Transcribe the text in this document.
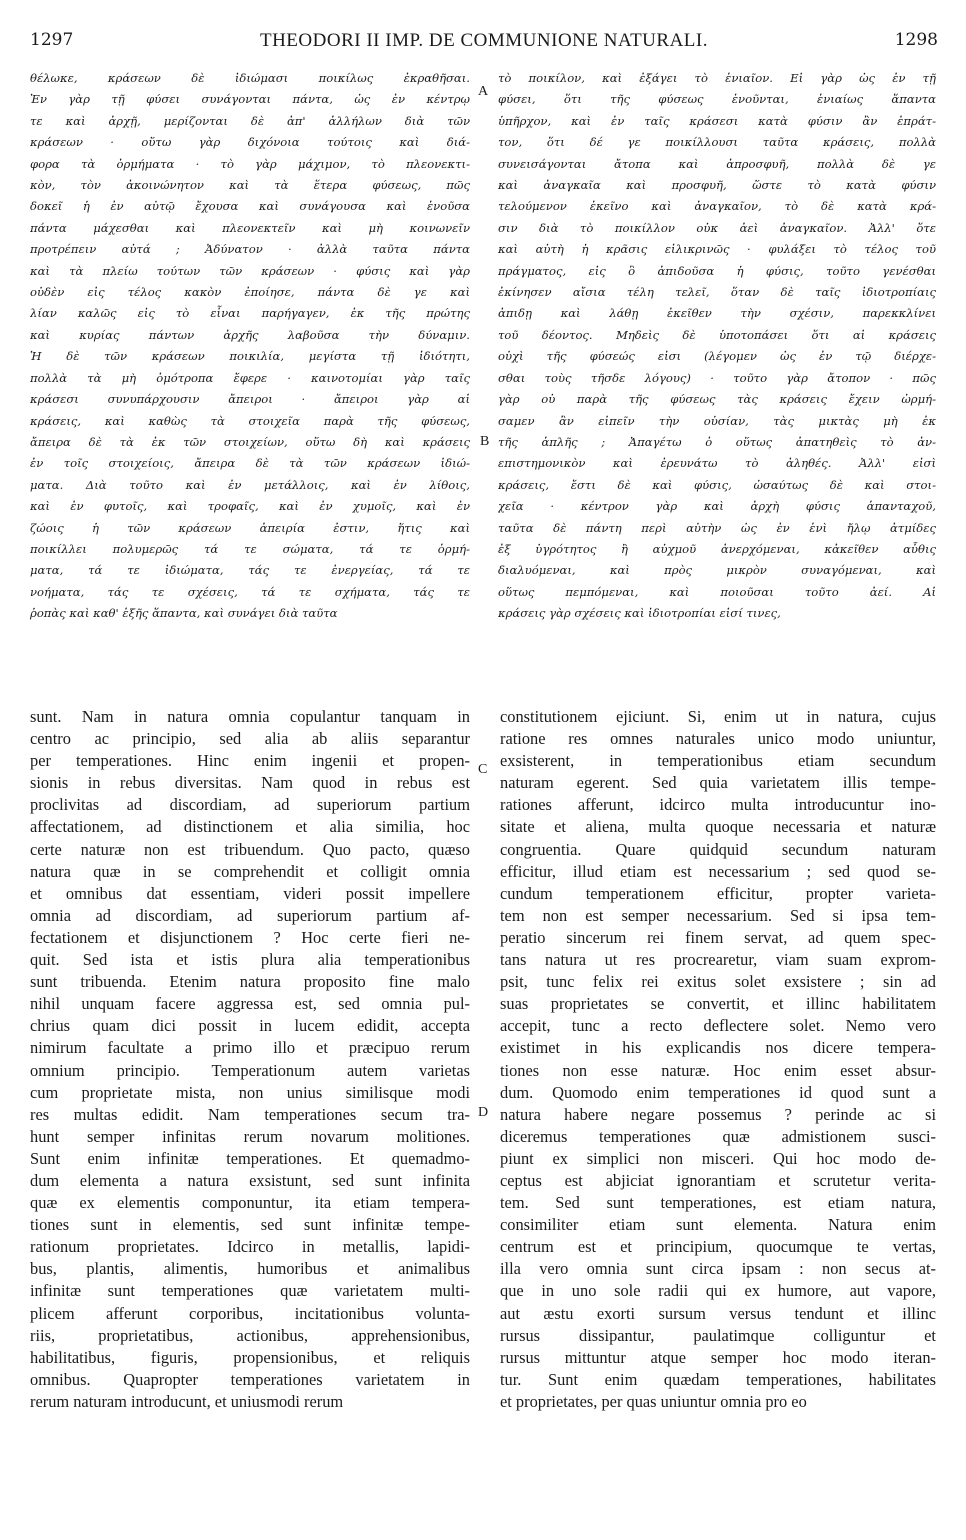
1297	THEODORI II IMP. DE COMMUNIONE NATURALI.	1298
θέλωκε, κράσεων δὲ ἰδιώμασι ποικίλως ἐκραθῆσαι.
Ἐν γὰρ τῇ φύσει συνάγονται πάντα, ὡς ἐν κέντρῳ
τε καὶ ἀρχῇ, μερίζονται δὲ ἀπ' ἀλλήλων διὰ τῶν
κράσεων · οὕτω γὰρ διχόνοια τούτοις καὶ διά-
φορα τὰ ὁρμήματα · τὸ γὰρ μάχιμον, τὸ πλεονεκτι-
κὸν, τὸν ἀκοινώνητον καὶ τὰ ἕτερα φύσεως, πῶς
δοκεῖ ἡ ἐν αὐτῷ ἔχουσα καὶ συνάγουσα καὶ ἑνοῦσα
πάντα μάχεσθαι καὶ πλεονεκτεῖν καὶ μὴ κοινωνεῖν
προτρέπειν αὐτά ; Ἀδύνατον · ἀλλὰ ταῦτα πάντα
καὶ τὰ πλείω τούτων τῶν κράσεων · φύσις καὶ γὰρ
οὐδὲν εἰς τέλος κακὸν ἐποίησε, πάντα δὲ γε καὶ
λίαν καλῶς εἰς τὸ εἶναι παρήγαγεν, ἐκ τῆς πρώτης
καὶ κυρίας πάντων ἀρχῆς λαβοῦσα τὴν δύναμιν.
Ἡ δὲ τῶν κράσεων ποικιλία, μεγίστα τῇ ἰδιότητι,
πολλὰ τὰ μὴ ὁμότροπα ἔφερε · καινοτομίαι γὰρ ταῖς
κράσεσι συνυπάρχουσιν ἄπειροι · ἄπειροι γὰρ αἱ
κράσεις, καὶ καθὼς τὰ στοιχεῖα παρὰ τῆς φύσεως,
ἄπειρα δὲ τὰ ἐκ τῶν στοιχείων, οὕτω δὴ καὶ κράσεις
ἐν τοῖς στοιχείοις, ἄπειρα δὲ τὰ τῶν κράσεων ἰδιώ-
ματα. Διὰ τοῦτο καὶ ἐν μετάλλοις, καὶ ἐν λίθοις,
καὶ ἐν φυτοῖς, καὶ τροφαῖς, καὶ ἐν χυμοῖς, καὶ ἐν
ζώοις ἡ τῶν κράσεων ἀπειρία ἐστιν, ἥτις καὶ
ποικίλλει πολυμερῶς τά τε σώματα, τά τε ὁρμή-
ματα, τά τε ἰδιώματα, τάς τε ἐνεργείας, τά τε
νοήματα, τάς τε σχέσεις, τά τε σχήματα, τάς τε
ῥοπὰς καὶ καθ' ἑξῆς ἅπαντα, καὶ συνάγει διὰ ταῦτα
τὸ ποικίλον, καὶ ἐξάγει τὸ ἑνιαῖον. Εἰ γὰρ ὡς ἐν τῇ
φύσει, ὅτι τῆς φύσεως ἑνοῦνται, ἑνιαίως ἅπαντα
ὑπῆρχον, καὶ ἐν ταῖς κράσεσι κατὰ φύσιν ἂν ἐπράτ-
τον, ὅτι δέ γε ποικίλλουσι ταῦτα κράσεις, πολλὰ
συνεισάγονται ἄτοπα καὶ ἀπροσφυῆ, πολλὰ δὲ γε
καὶ ἀναγκαῖα καὶ προσφυῆ, ὥστε τὸ κατὰ φύσιν
τελούμενον ἐκεῖνο καὶ ἀναγκαῖον, τὸ δὲ κατὰ κρά-
σιν διὰ τὸ ποικίλλον οὐκ ἀεὶ ἀναγκαῖον. Ἀλλ' ὅτε
καὶ αὐτὴ ἡ κρᾶσις εἰλικρινῶς · φυλάξει τὸ τέλος τοῦ
πράγματος, εἰς ὃ ἀπιδοῦσα ἡ φύσις, τοῦτο γενέσθαι
ἐκίνησεν αἴσια τέλη τελεῖ, ὅταν δὲ ταῖς ἰδιοτροπίαις
ἀπιδῃ καὶ λάθῃ ἐκεῖθεν τὴν σχέσιν, παρεκκλίνει
τοῦ δέοντος. Μηδεὶς δὲ ὑποτοπάσει ὅτι αἱ κράσεις
οὐχὶ τῆς φύσεώς εἰσι (λέγομεν ὡς ἐν τῷ διέρχε-
σθαι τοὺς τῆσδε λόγους) · τοῦτο γὰρ ἄτοπον · πῶς
γὰρ οὐ παρὰ τῆς φύσεως τὰς κράσεις ἔχειν ὡρμή-
σαμεν ἂν εἰπεῖν τὴν οὐσίαν, τὰς μικτὰς μὴ ἐκ
τῆς ἁπλῆς ; Ἀπαγέτω ὁ οὕτως ἀπατηθεὶς τὸ ἀν-
επιστημονικὸν καὶ ἐρευνάτω τὸ ἀληθές. Ἀλλ' εἰσὶ
κράσεις, ἔστι δὲ καὶ φύσις, ὡσαύτως δὲ καὶ στοι-
χεῖα · κέντρον γὰρ καὶ ἀρχὴ φύσις ἁπανταχοῦ,
ταῦτα δὲ πάντη περὶ αὐτὴν ὡς ἐν ἑνὶ ἤλῳ ἀτμίδες
ἐξ ὑγρότητος ἢ αὐχμοῦ ἀνερχόμεναι, κἀκεῖθεν αὖθις
διαλυόμεναι, καὶ πρὸς μικρὸν συναγόμεναι, καὶ
οὕτως πεμπόμεναι, καὶ ποιοῦσαι τοῦτο ἀεί. Αἱ
κράσεις γὰρ σχέσεις καὶ ἰδιοτροπίαι εἰσί τινες,
sunt. Nam in natura omnia copulantur tanquam in
centro ac principio, sed alia ab aliis separantur
per temperationes. Hinc enim ingenii et propen-
sionis in rebus diversitas. Nam quod in rebus est
proclivitas ad discordiam, ad superiorum partium
affectationem, ad distinctionem et alia similia, hoc
certe naturæ non est tribuendum. Quo pacto, quæso
natura quæ in se comprehendit et colligit omnia
et omnibus dat essentiam, videri possit impellere
omnia ad discordiam, ad superiorum partium af-
fectationem et disjunctionem ? Hoc certe fieri ne-
quit. Sed ista et istis plura alia temperationibus
sunt tribuenda. Etenim natura proposito fine malo
nihil unquam facere aggressa est, sed omnia pul-
chrius quam dici possit in lucem edidit, accepta
nimirum facultate a primo illo et præcipuo rerum
omnium principio. Temperationum autem varietas
cum proprietate mista, non unius similisque modi
res multas edidit. Nam temperationes secum tra-
hunt semper infinitas rerum novarum molitiones.
Sunt enim infinitæ temperationes. Et quemadmo-
dum elementa a natura exsistunt, sed sunt infinita
quæ ex elementis componuntur, ita etiam tempera-
tiones sunt in elementis, sed sunt infinitæ tempe-
rationum proprietates. Idcirco in metallis, lapidi-
bus, plantis, alimentis, humoribus et animalibus
infinitæ sunt temperationes quæ varietatem multi-
plicem afferunt corporibus, incitationibus volunta-
riis, proprietatibus, actionibus, apprehensionibus,
habilitatibus, figuris, propensionibus, et reliquis
omnibus. Quapropter temperationes varietatem in
rerum naturam introducunt, et uniusmodi rerum
constitutionem ejiciunt. Si, enim ut in natura, cujus
ratione res omnes naturales unico modo uniuntur,
exsisterent, in temperationibus etiam secundum
naturam egerent. Sed quia varietatem illis tempe-
rationes afferunt, idcirco multa introducuntur ino-
sitate et aliena, multa quoque necessaria et naturæ
congruentia. Quare quidquid secundum naturam
efficitur, illud etiam est necessarium ; sed quod se-
cundum temperationem efficitur, propter varieta-
tem non est semper necessarium. Sed si ipsa tem-
peratio sincerum rei finem servat, ad quem spec-
tans natura ut res procrearetur, viam suam exprom-
psit, tunc felix rei exitus solet exsistere ; sin ad
suas proprietates se convertit, et illinc habilitatem
accepit, tunc a recto deflectere solet. Nemo vero
existimet in his explicandis nos dicere tempera-
tiones non esse naturæ. Hoc enim esset absur-
dum. Quomodo enim temperationes id quod sunt a
natura habere negare possemus ? perinde ac si
diceremus temperationes quæ admistionem susci-
piunt ex simplici non misceri. Qui hoc modo de-
ceptus est abjiciat ignorantiam et scrutetur verita-
tem. Sed sunt temperationes, est etiam natura,
consimiliter etiam sunt elementa. Natura enim
centrum est et principium, quocumque te vertas,
illa vero omnia sunt circa ipsam : non secus at-
que in uno sole radii qui ex humore, aut vapore,
aut æstu exorti sursum versus tendunt et illinc
rursus dissipantur, paulatimque colliguntur et
rursus mittuntur atque semper hoc modo iteran-
tur. Sunt enim quædam temperationes, habilitates
et proprietates, per quas uniuntur omnia pro eo
A
B
C
D
